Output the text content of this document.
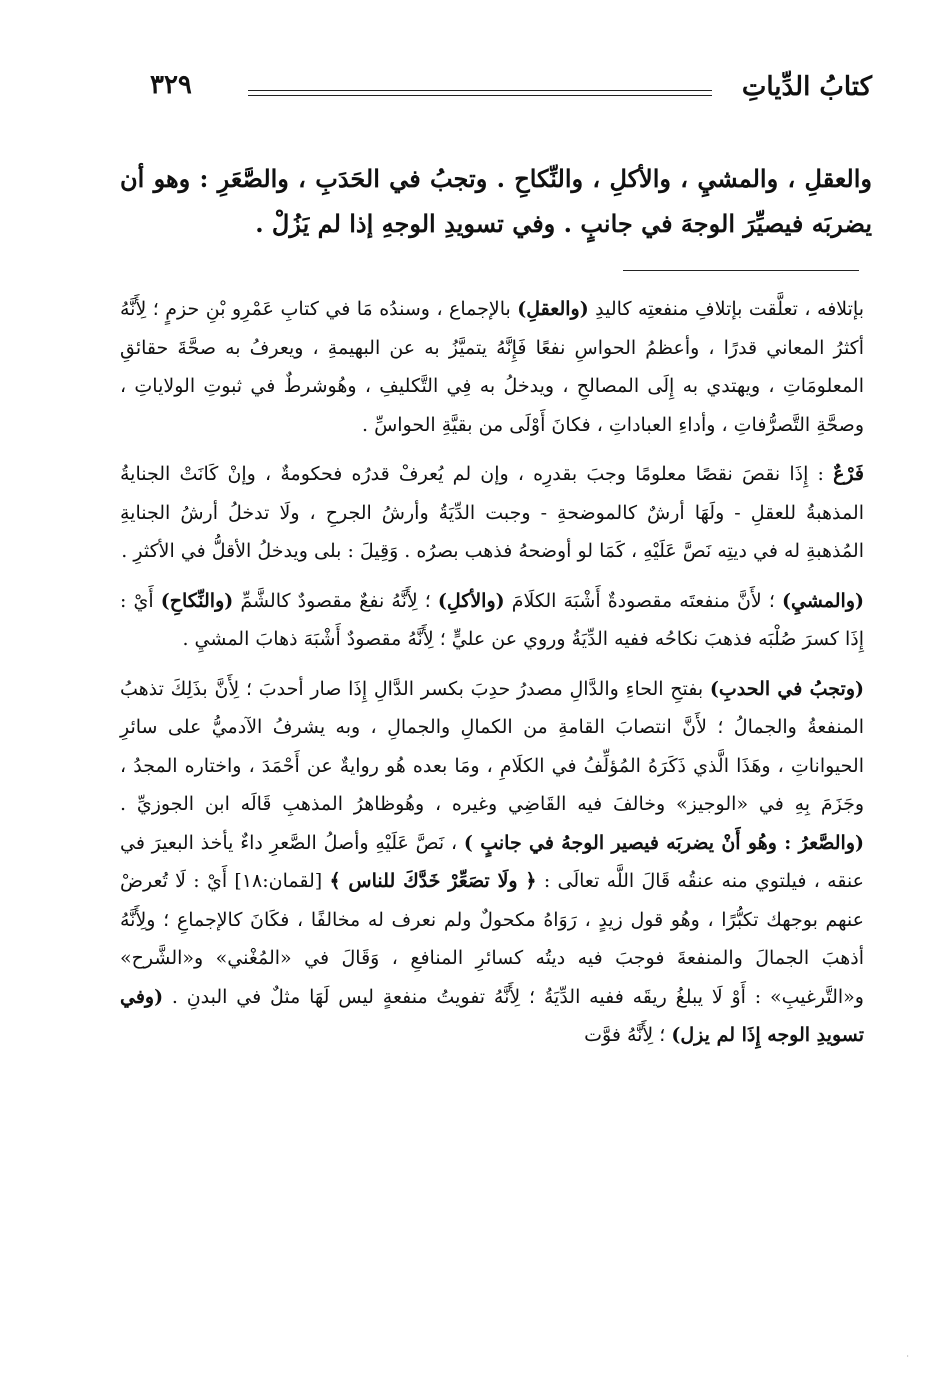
كتابُ الدِّياتِ
٣٢٩
والعقلِ ، والمشيِ ، والأكلِ ، والنِّكاحِ . وتجبُ في الحَدَبِ ، والصَّعَرِ : وهو أن يضربَه فيصيِّرَ الوجهَ في جانبٍ . وفي تسويدِ الوجهِ إذا لم يَزُلْ .

بإتلافه ، تعلَّقت بإتلافِ منفعتِه كاليدِ (والعقلِ) بالإجماع ، وسندُه مَا في كتابِ عَمْرِو بْنِ حزمٍ ؛ لِأَنَّهُ أكثرُ المعاني قدرًا ، وأعظمُ الحواسِ نفعًا فَإِنَّهُ يتميَّزُ به عن البهيمةِ ، ويعرفُ به صحَّةَ حقائقِ المعلومَاتِ ، ويهتدي به إِلَى المصالحِ ، ويدخلُ به فِي التَّكليفِ ، وهُوشرطٌ في ثبوتِ الولاياتِ ، وصحَّةِ التَّصرُّفاتِ ، وأداءِ العباداتِ ، فكانَ أَوْلَى من بقيَّةِ الحواسِّ .

فَرْعٌ : إِذَا نقصَ نقصًا معلومًا وجبَ بقدرِه ، وإن لم يُعرفْ قدرُه فحكومةٌ ، وإنْ كَانَتْ الجنايةُ المذهبةُ للعقلِ - ولَهَا أرشٌ كالموضحةِ - وجبت الدِّيَةُ وأرشُ الجرحِ ، ولَا تدخلُ أرشُ الجنايةِ المُذهبةِ له في ديتِه نَصَّ عَلَيْهِ ، كَمَا لو أوضحهُ فذهب بصرُه . وَقِيلَ : بلى ويدخلُ الأقلُّ في الأكثرِ .

(والمشيِ) ؛ لأَنَّ منفعتَه مقصودةٌ أَشْبَهَ الكلَامَ (والأكلِ) ؛ لِأَنَّهُ نفعٌ مقصودٌ كالشَّمِّ (والنِّكاحِ) أَيْ : إِذَا كسرَ صُلْبَه فذهبَ نكاحُه ففيه الدِّيَةُ وروي عن عليٍّ ؛ لِأَنَّهُ مقصودٌ أَشْبَهَ ذهابَ المشيِ .

(وتجبُ في الحدبِ) بفتحِ الحاءِ والدَّالِ مصدرُ حدِبَ بكسر الدَّالِ إِذَا صار أحدبَ ؛ لِأَنَّ بذَلِكَ تذهبُ المنفعةُ والجمالُ ؛ لأَنَّ انتصابَ القامةِ من الكمالِ والجمالِ ، وبه يشرفُ الآدميُّ على سائرِ الحيواناتِ ، وهَذَا الَّذي ذَكَرَهُ المُؤلِّفُ في الكلَامِ ، ومَا بعده هُو روايةٌ عن أَحْمَدَ ، واختاره المجدُ ، وجَزَمَ بِهِ في «الوجيز» وخالفَ فيه القَاضِي وغيره ، وهُوظاهرُ المذهبِ قَالَه ابن الجوزيِّ . (والصَّعرُ : وهُو أَنْ يضربَه فيصير الوجهُ في جانبٍ ) ، نَصَّ عَلَيْهِ وأصلُ الصَّعرِ داءٌ يأخذ البعيرَ في عنقه ، فيلتوي منه عنقُه قَالَ اللَّه تعالَى : ﴿ ولَا تصَعِّرْ خَدَّكَ للناس ﴾ [لقمان:١٨] أَيْ : لَا تُعرضْ عنهم بوجهك تكبُّرًا ، وهُو قول زيدٍ ، رَوَاهُ مكحولٌ ولم نعرف له مخالفًا ، فكَانَ كالإجماعِ ؛ ولِأَنَّهُ أذهبَ الجمالَ والمنفعةَ فوجبَ فيه ديتُه كسائرِ المنافعِ ، وَقَالَ في «المُغْني» و«الشَّرح» و«التَّرغيبِ» : أَوْ لَا يبلغُ ريقَه ففيه الدِّيَةُ ؛ لِأَنَّهُ تفويتُ منفعةٍ ليس لَهَا مثلٌ في البدنِ . (وفي تسويدِ الوجه إِذَا لم يزل) ؛ لِأَنَّهُ فوَّت

·
